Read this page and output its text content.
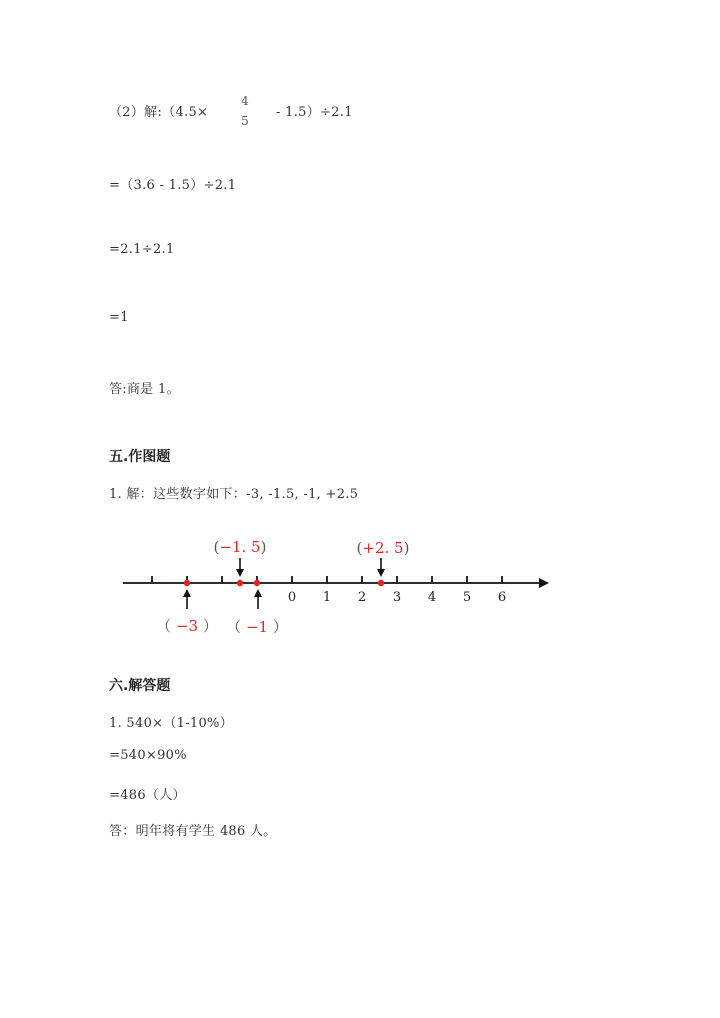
（2）解:（4.5×
4
5
- 1.5）÷2.1
=（3.6 - 1.5）÷2.1
=2.1÷2.1
=1
答:商是 1。
五.作图题
1. 解：这些数字如下：-3, -1.5, -1, +2.5
0 1 2 3 4 5 6
(−1. 5)	(+2. 5)
（ −3 ） （ −1 ）
六.解答题
1. 540×（1-10%）
=540×90%
=486（人）
答：明年将有学生 486 人。
